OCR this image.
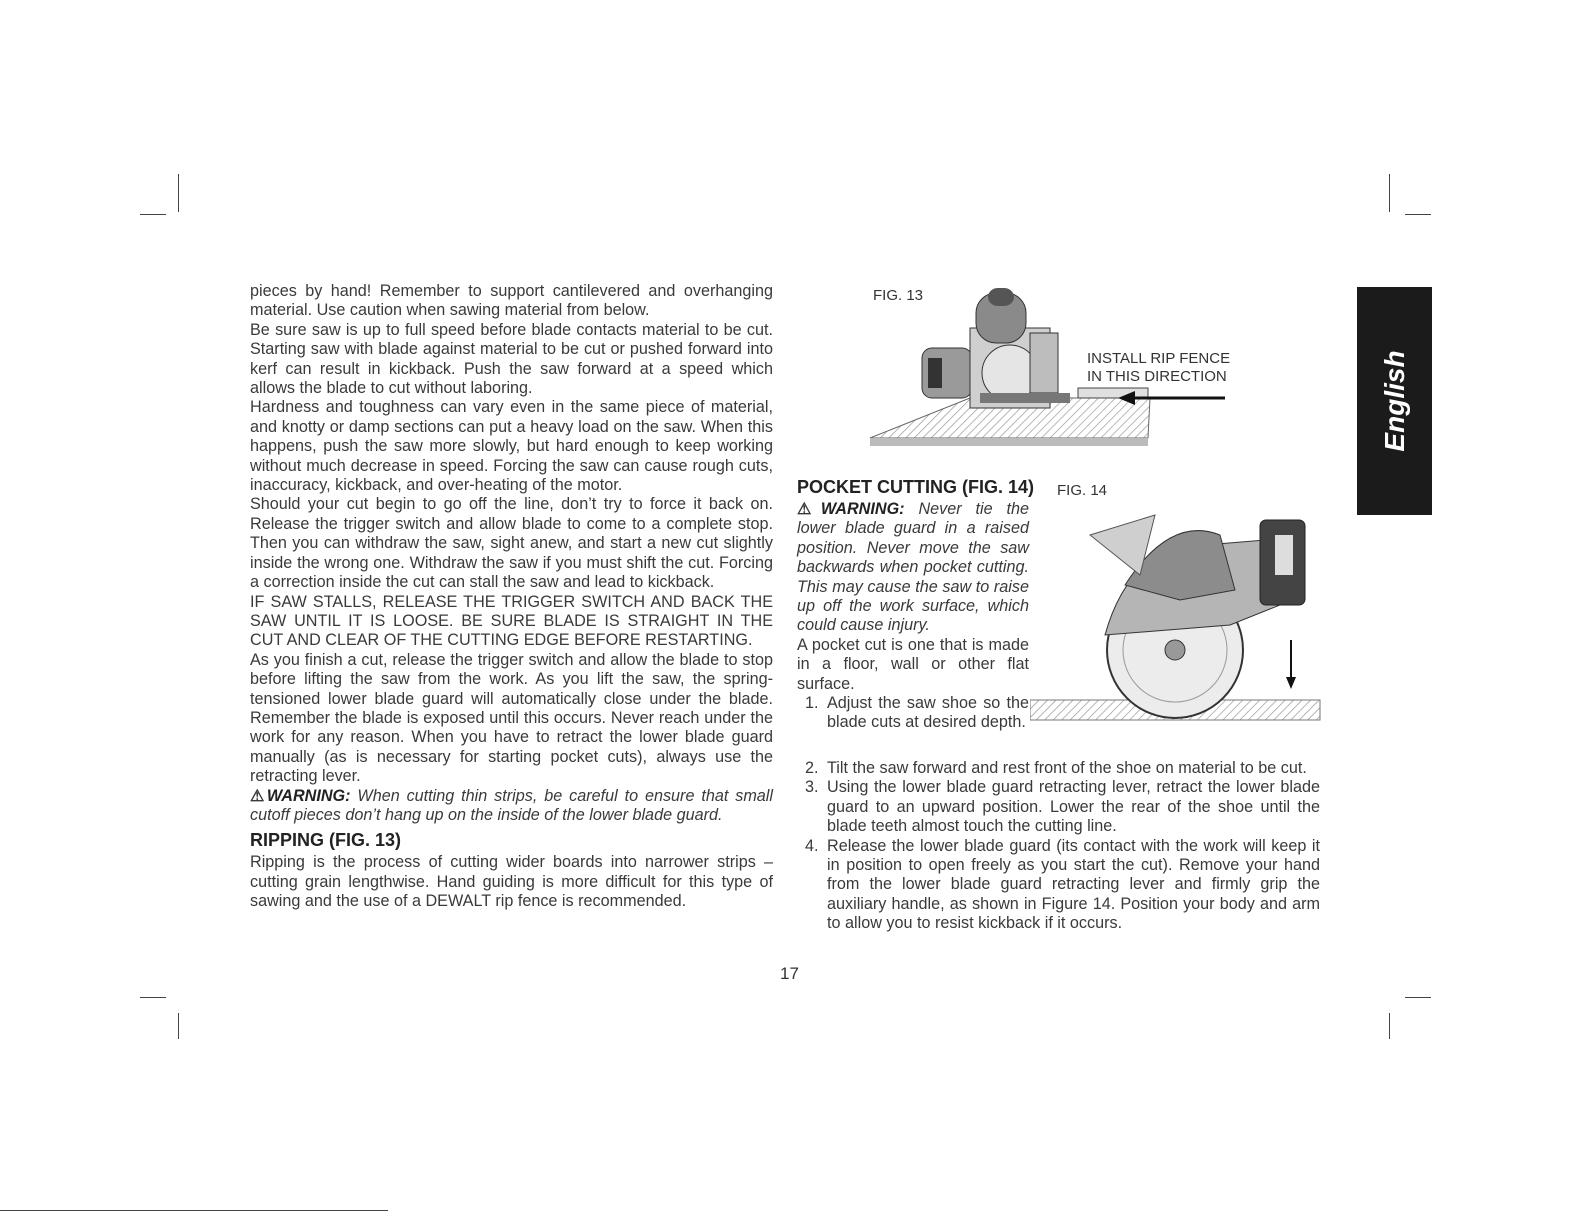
pieces by hand! Remember to support cantilevered and overhanging material. Use caution when sawing material from below.

Be sure saw is up to full speed before blade contacts material to be cut. Starting saw with blade against material to be cut or pushed forward into kerf can result in kickback. Push the saw forward at a speed which allows the blade to cut without laboring.

Hardness and toughness can vary even in the same piece of material, and knotty or damp sections can put a heavy load on the saw. When this happens, push the saw more slowly, but hard enough to keep working without much decrease in speed. Forcing the saw can cause rough cuts, inaccuracy, kickback, and over-heating of the motor.

Should your cut begin to go off the line, don’t try to force it back on. Release the trigger switch and allow blade to come to a complete stop. Then you can withdraw the saw, sight anew, and start a new cut slightly inside the wrong one. Withdraw the saw if you must shift the cut. Forcing a correction inside the cut can stall the saw and lead to kickback.

IF SAW STALLS, RELEASE THE TRIGGER SWITCH AND BACK THE SAW UNTIL IT IS LOOSE. BE SURE BLADE IS STRAIGHT IN THE CUT AND CLEAR OF THE CUTTING EDGE BEFORE RESTARTING.

As you finish a cut, release the trigger switch and allow the blade to stop before lifting the saw from the work. As you lift the saw, the spring-tensioned lower blade guard will automatically close under the blade. Remember the blade is exposed until this occurs. Never reach under the work for any reason. When you have to retract the lower blade guard manually (as is necessary for starting pocket cuts), always use the retracting lever.

⚠WARNING: When cutting thin strips, be careful to ensure that small cutoff pieces don’t hang up on the inside of the lower blade guard.

RIPPING (FIG. 13)

Ripping is the process of cutting wider boards into narrower strips – cutting grain lengthwise. Hand guiding is more difficult for this type of sawing and the use of a DEWALT rip fence is recommended.

FIG. 13
INSTALL RIP FENCE
IN THIS DIRECTION
POCKET CUTTING (FIG. 14) FIG. 14

⚠WARNING: Never tie the lower blade guard in a raised position. Never move the saw backwards when pocket cutting. This may cause the saw to raise up off the work surface, which could cause injury.

A pocket cut is one that is made in a floor, wall or other flat surface.

1. Adjust the saw shoe so the blade cuts at desired depth.
2. Tilt the saw forward and rest front of the shoe on material to be cut.
3. Using the lower blade guard retracting lever, retract the lower blade guard to an upward position. Lower the rear of the shoe until the blade teeth almost touch the cutting line.
4. Release the lower blade guard (its contact with the work will keep it in position to open freely as you start the cut). Remove your hand from the lower blade guard retracting lever and firmly grip the auxiliary handle, as shown in Figure 14. Position your body and arm to allow you to resist kickback if it occurs.
English
17
